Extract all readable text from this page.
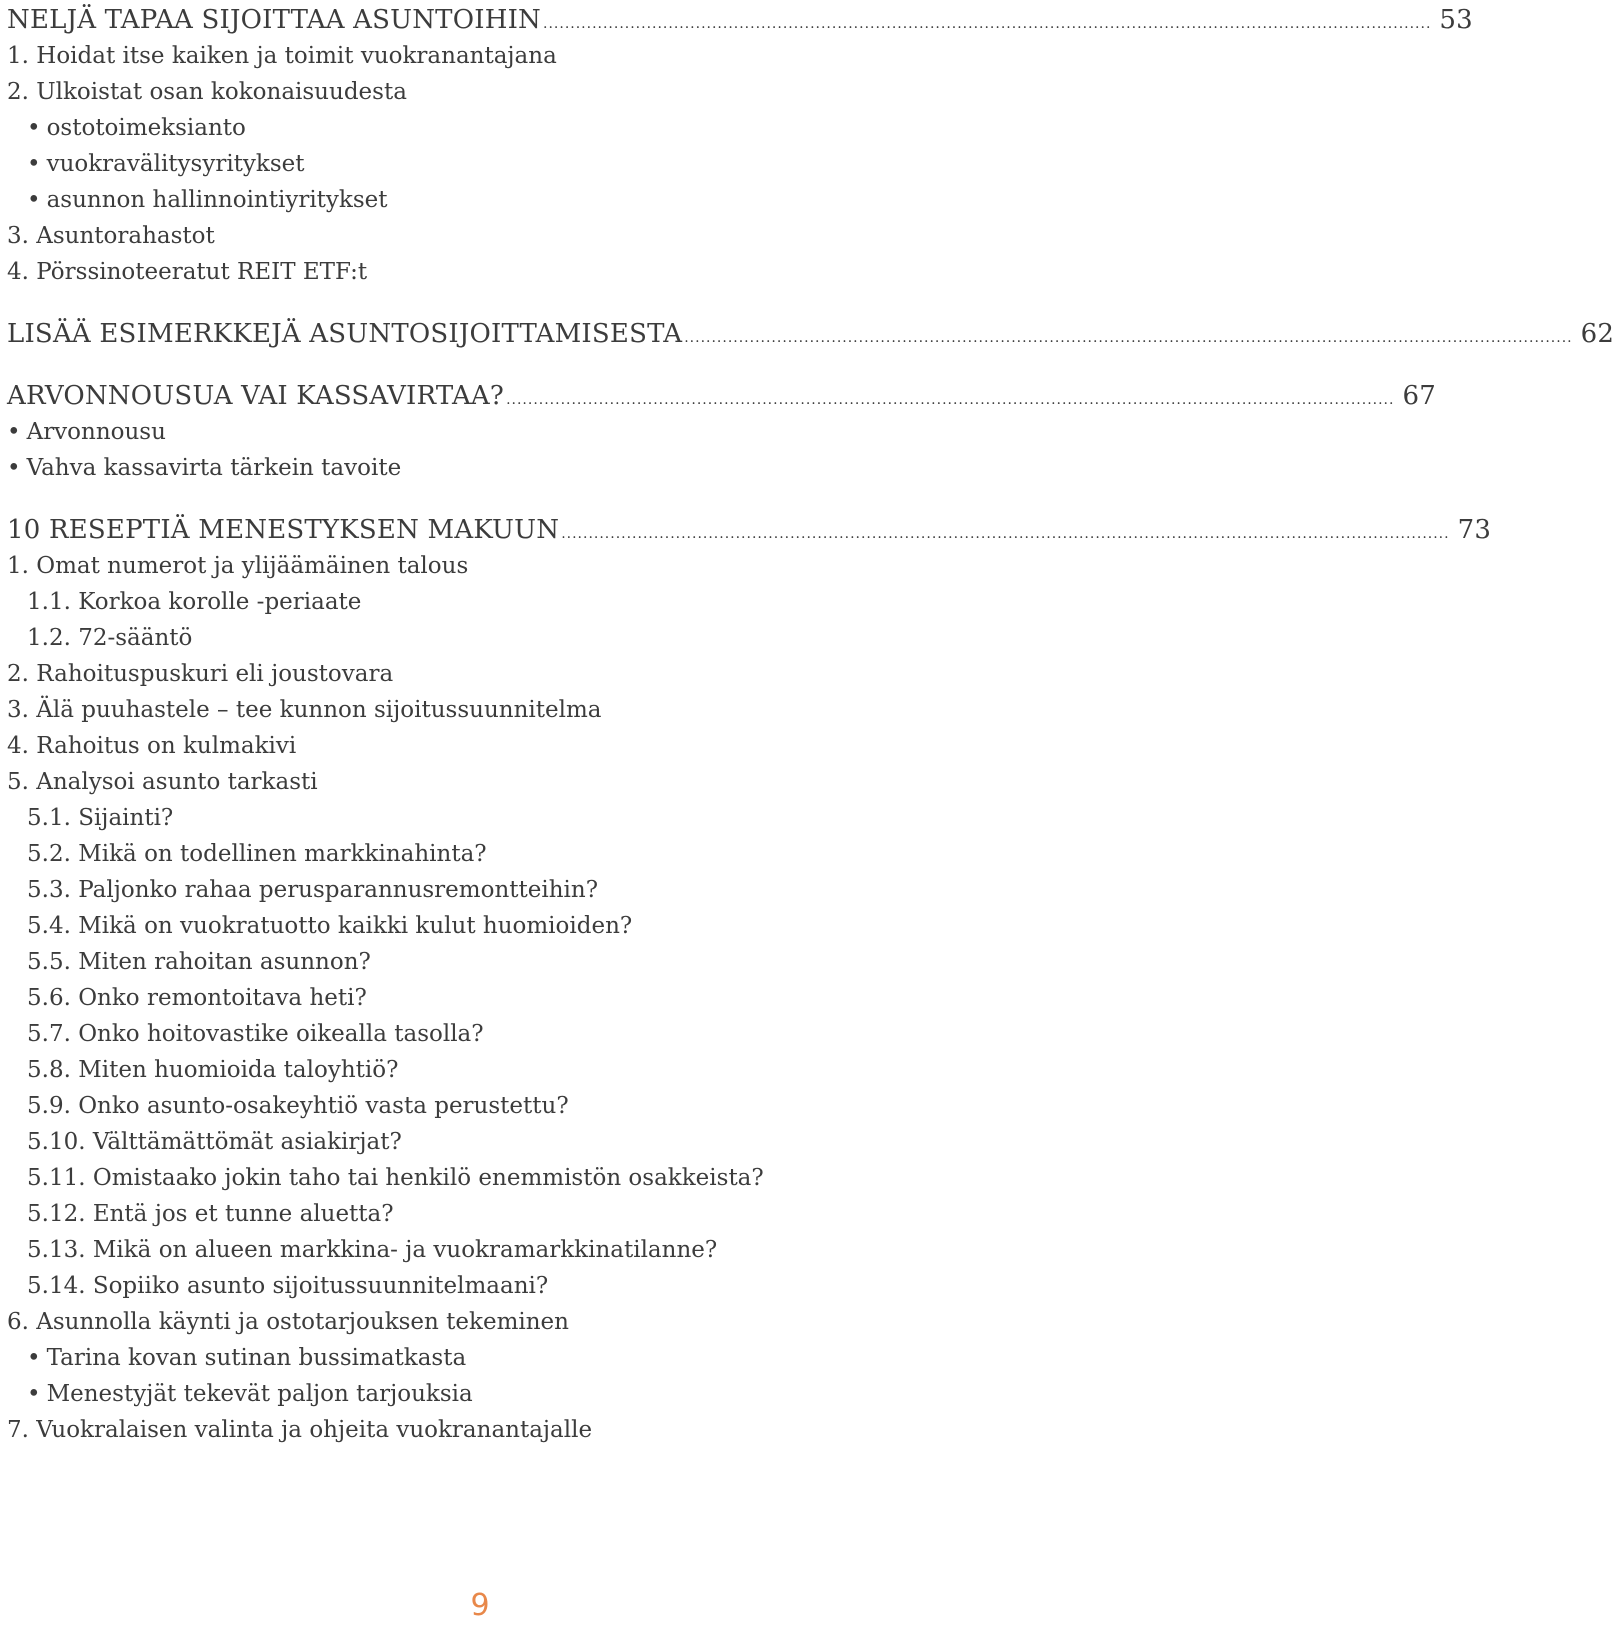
NELJÄ TAPAA SIJOITTAA ASUNTOIHIN ................................................................................................................................................................... 53
1. Hoidat itse kaiken ja toimit vuokranantajana
2. Ulkoistat osan kokonaisuudesta
• ostotoimeksianto
• vuokravälitysyritykset
• asunnon hallinnointiyritykset
3. Asuntorahastot
4. Pörssinoteeratut REIT ETF:t
LISÄÄ ESIMERKKEJÄ ASUNTOSIJOITTAMISESTA ................................................................................................................................................................... 62
ARVONNOUSUA VAI KASSAVIRTAA? ................................................................................................................................................................... 67
• Arvonnousu
• Vahva kassavirta tärkein tavoite
10 RESEPTIÄ MENESTYKSEN MAKUUN ................................................................................................................................................................... 73
1. Omat numerot ja ylijäämäinen talous
1.1. Korkoa korolle -periaate
1.2. 72-sääntö
2. Rahoituspuskuri eli joustovara
3. Älä puuhastele – tee kunnon sijoitussuunnitelma
4. Rahoitus on kulmakivi
5. Analysoi asunto tarkasti
5.1. Sijainti?
5.2. Mikä on todellinen markkinahinta?
5.3. Paljonko rahaa perusparannusremontteihin?
5.4. Mikä on vuokratuotto kaikki kulut huomioiden?
5.5. Miten rahoitan asunnon?
5.6. Onko remontoitava heti?
5.7. Onko hoitovastike oikealla tasolla?
5.8. Miten huomioida taloyhtiö?
5.9. Onko asunto-osakeyhtiö vasta perustettu?
5.10. Välttämättömät asiakirjat?
5.11. Omistaako jokin taho tai henkilö enemmistön osakkeista?
5.12. Entä jos et tunne aluetta?
5.13. Mikä on alueen markkina- ja vuokramarkkinatilanne?
5.14. Sopiiko asunto sijoitussuunnitelmaani?
6. Asunnolla käynti ja ostotarjouksen tekeminen
• Tarina kovan sutinan bussimatkasta
• Menestyjät tekevät paljon tarjouksia
7. Vuokralaisen valinta ja ohjeita vuokranantajalle
9
